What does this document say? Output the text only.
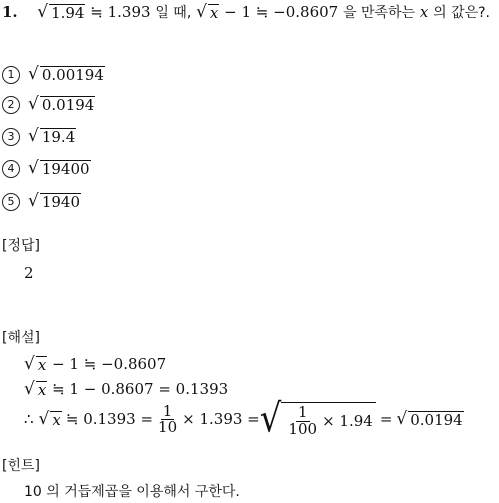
1. √ 1.94 ≒ 1.393 일 때, √ x − 1 ≒ −0.8607 을 만족하는 x 의 값은?.
1 √ 0.00194
2 √ 0.0194
3 √ 19.4
4 √ 19400
5 √ 1940
[정답]
2
[해설]
√ x − 1 ≒ −0.8607
√ x ≒ 1 − 0.8607 = 0.1393
∴ √ x ≒ $0.1393 = \frac{1}{10} \times 1.393$ = √ $\frac{1}{100} \times 1.94$ = √ 0.0194
[힌트]
10 의 거듭제곱을 이용해서 구한다.
